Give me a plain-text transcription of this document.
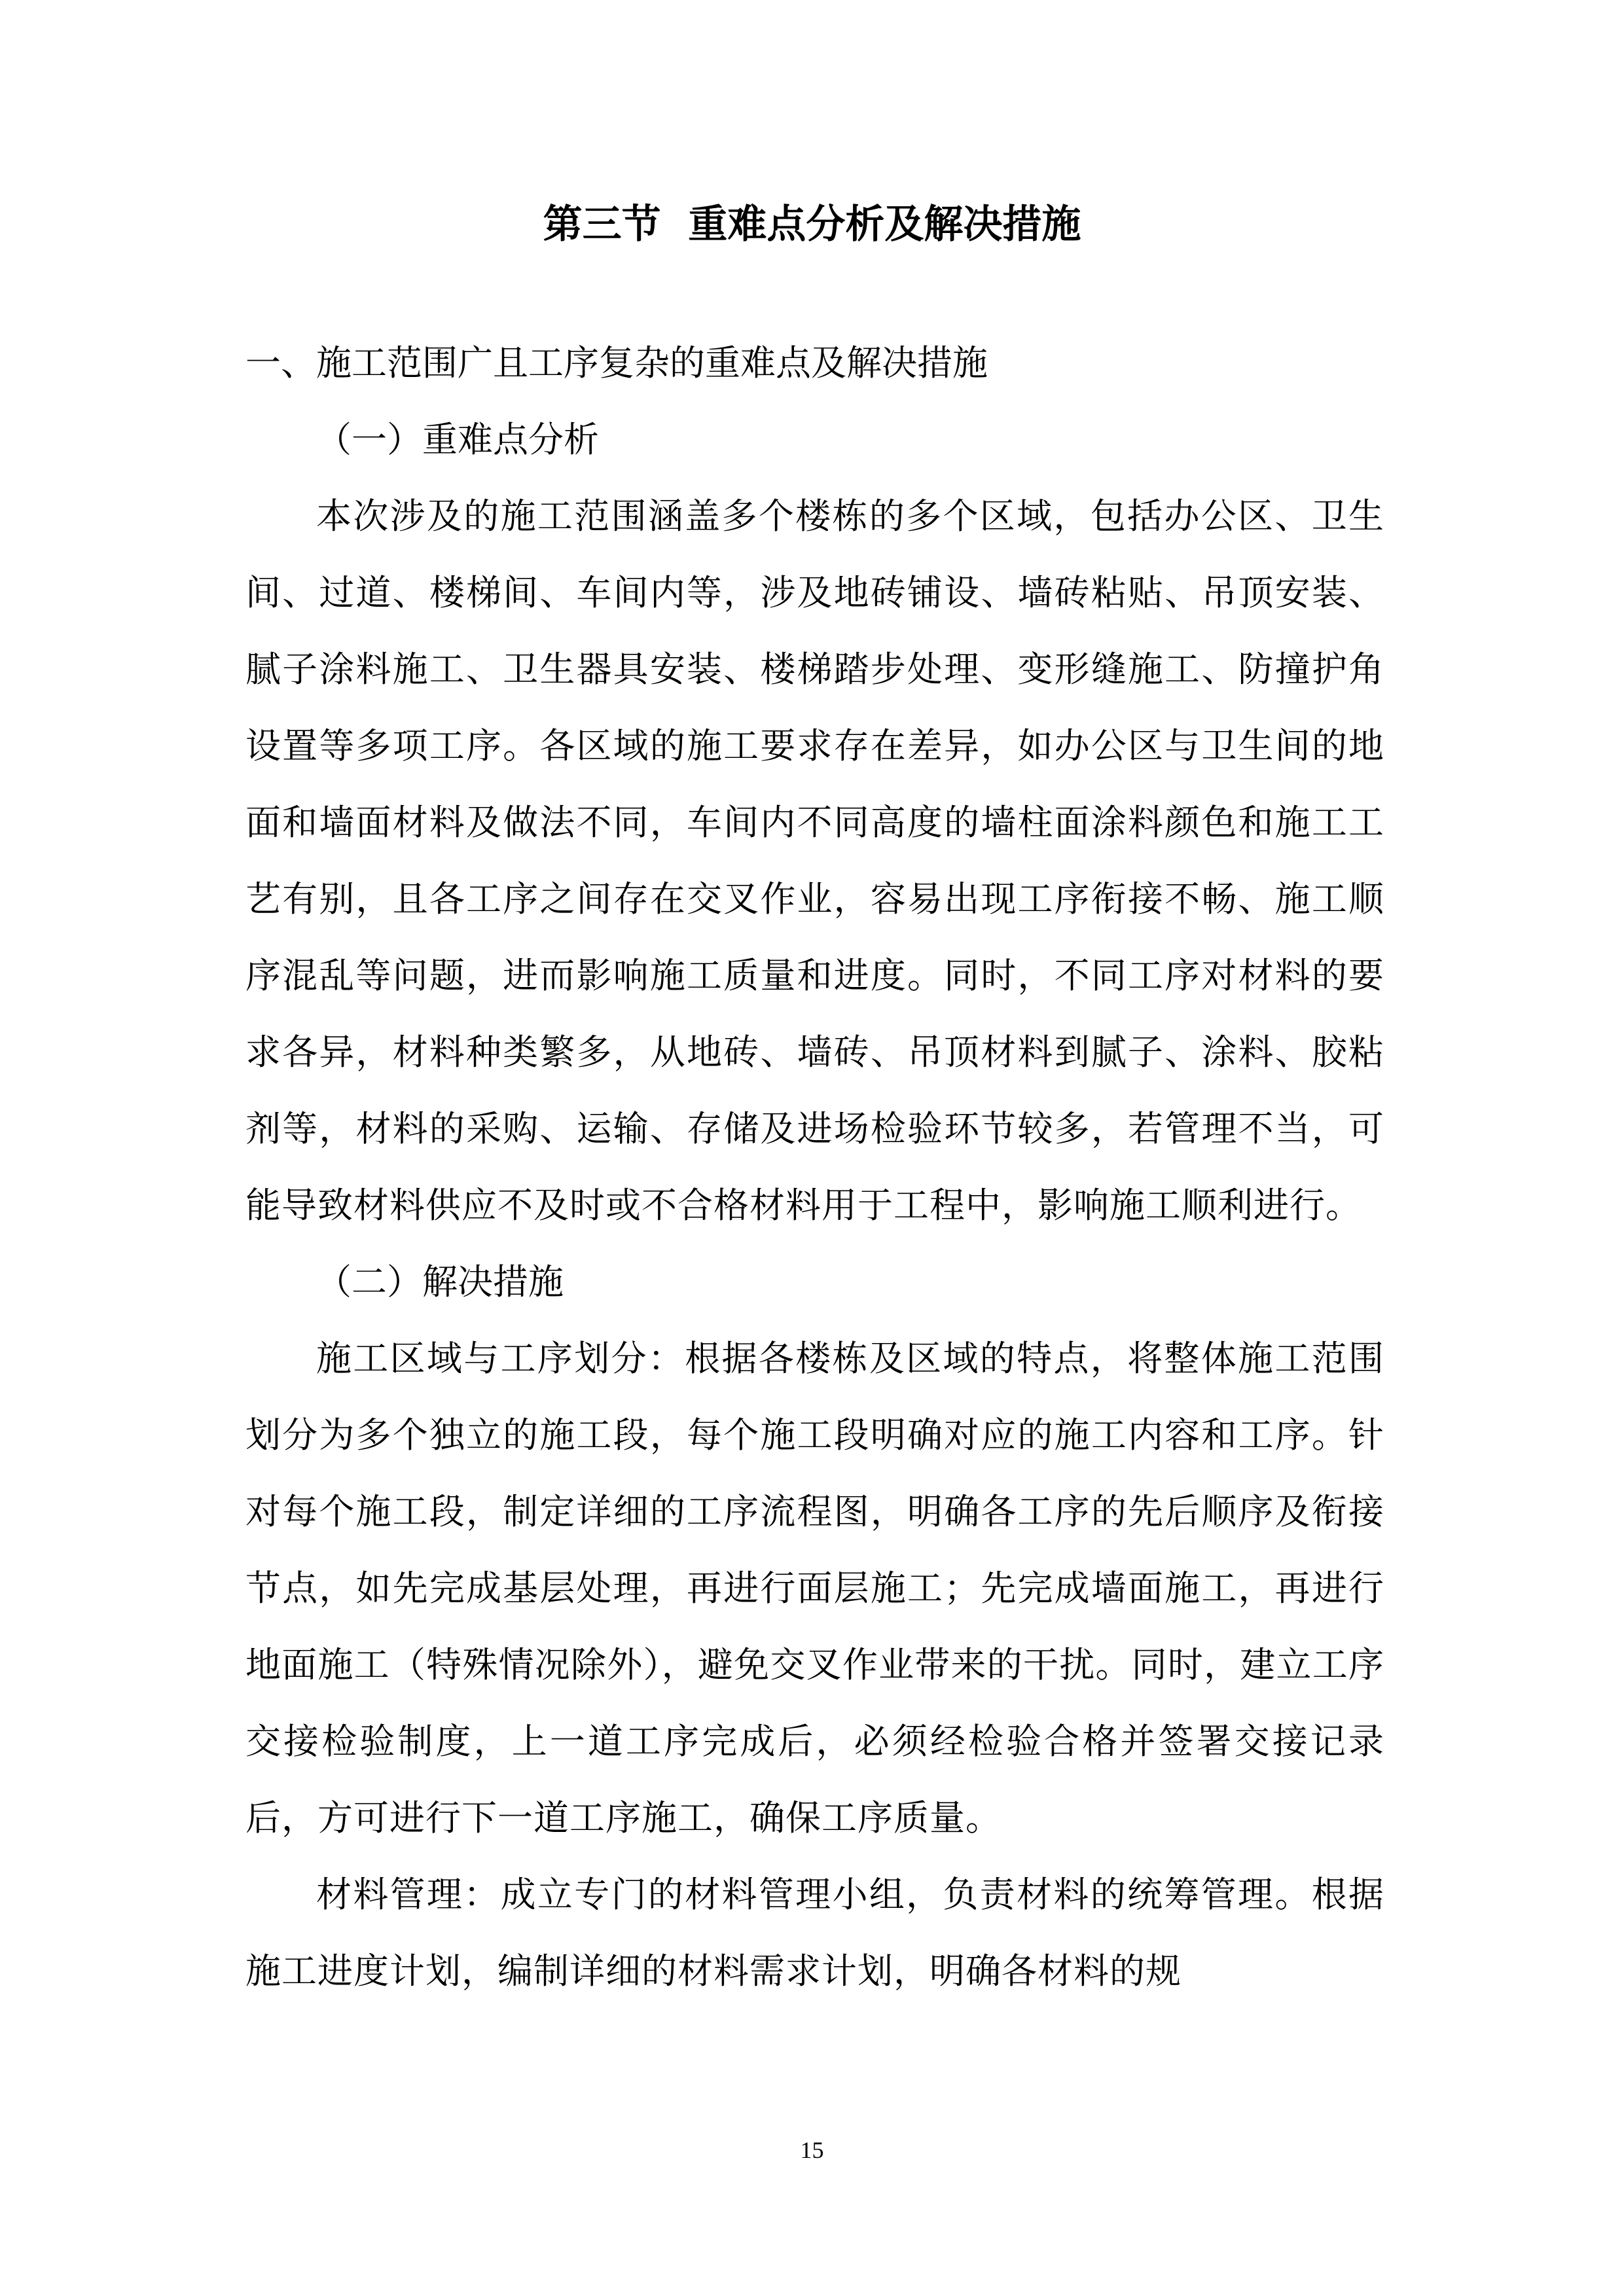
第三节  重难点分析及解决措施

一、施工范围广且工序复杂的重难点及解决措施

（一）重难点分析

本次涉及的施工范围涵盖多个楼栋的多个区域，包括办公区、卫生间、过道、楼梯间、车间内等，涉及地砖铺设、墙砖粘贴、吊顶安装、腻子涂料施工、卫生器具安装、楼梯踏步处理、变形缝施工、防撞护角设置等多项工序。各区域的施工要求存在差异，如办公区与卫生间的地面和墙面材料及做法不同，车间内不同高度的墙柱面涂料颜色和施工工艺有别，且各工序之间存在交叉作业，容易出现工序衔接不畅、施工顺序混乱等问题，进而影响施工质量和进度。同时，不同工序对材料的要求各异，材料种类繁多，从地砖、墙砖、吊顶材料到腻子、涂料、胶粘剂等，材料的采购、运输、存储及进场检验环节较多，若管理不当，可能导致材料供应不及时或不合格材料用于工程中，影响施工顺利进行。

（二）解决措施

施工区域与工序划分：根据各楼栋及区域的特点，将整体施工范围划分为多个独立的施工段，每个施工段明确对应的施工内容和工序。针对每个施工段，制定详细的工序流程图，明确各工序的先后顺序及衔接节点，如先完成基层处理，再进行面层施工；先完成墙面施工，再进行地面施工（特殊情况除外），避免交叉作业带来的干扰。同时，建立工序交接检验制度，上一道工序完成后，必须经检验合格并签署交接记录后，方可进行下一道工序施工，确保工序质量。

材料管理：成立专门的材料管理小组，负责材料的统筹管理。根据施工进度计划，编制详细的材料需求计划，明确各材料的规

15
